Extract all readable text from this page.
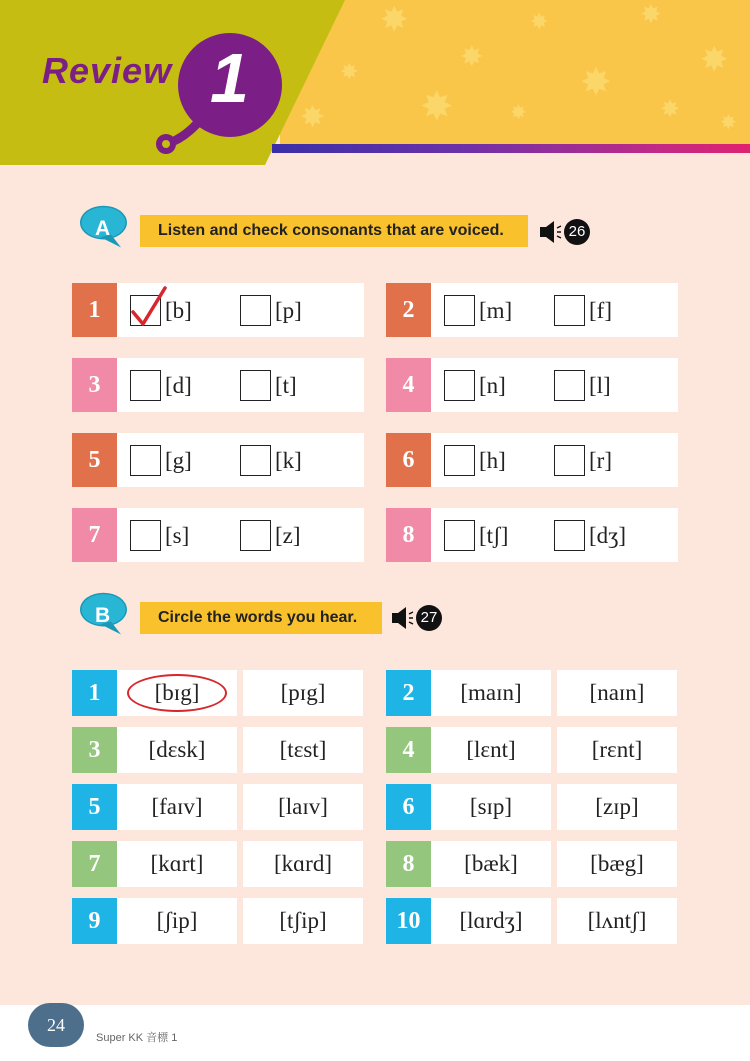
✸
✸
✸
✸
✸
✸
✸
✸	✸
✸
✸	✸
Review 1
Listen and check consonants that are voiced.
A	26
1	[b]	[p]	2	[m]	[f]
3	[d]	[t]	4	[n]	[l]
5	[g]	[k]	6	[h]	[r]
7	[s]	[z]	8	[tʃ]	[dʒ]
Circle the words you hear.
B	27
1	[bɪg]	[pɪg]	2	[maɪn]	[naɪn]
3	[dɛsk]	[tɛst]	4	[lɛnt]	[rɛnt]
5	[faɪv]	[laɪv]	6	[sɪp]	[zɪp]
7	[kɑrt]	[kɑrd]	8	[bæk]	[bæg]
9	[ʃip]	[tʃip]	10	[lɑrdʒ]	[lʌntʃ]
24
Super KK 音標 1
